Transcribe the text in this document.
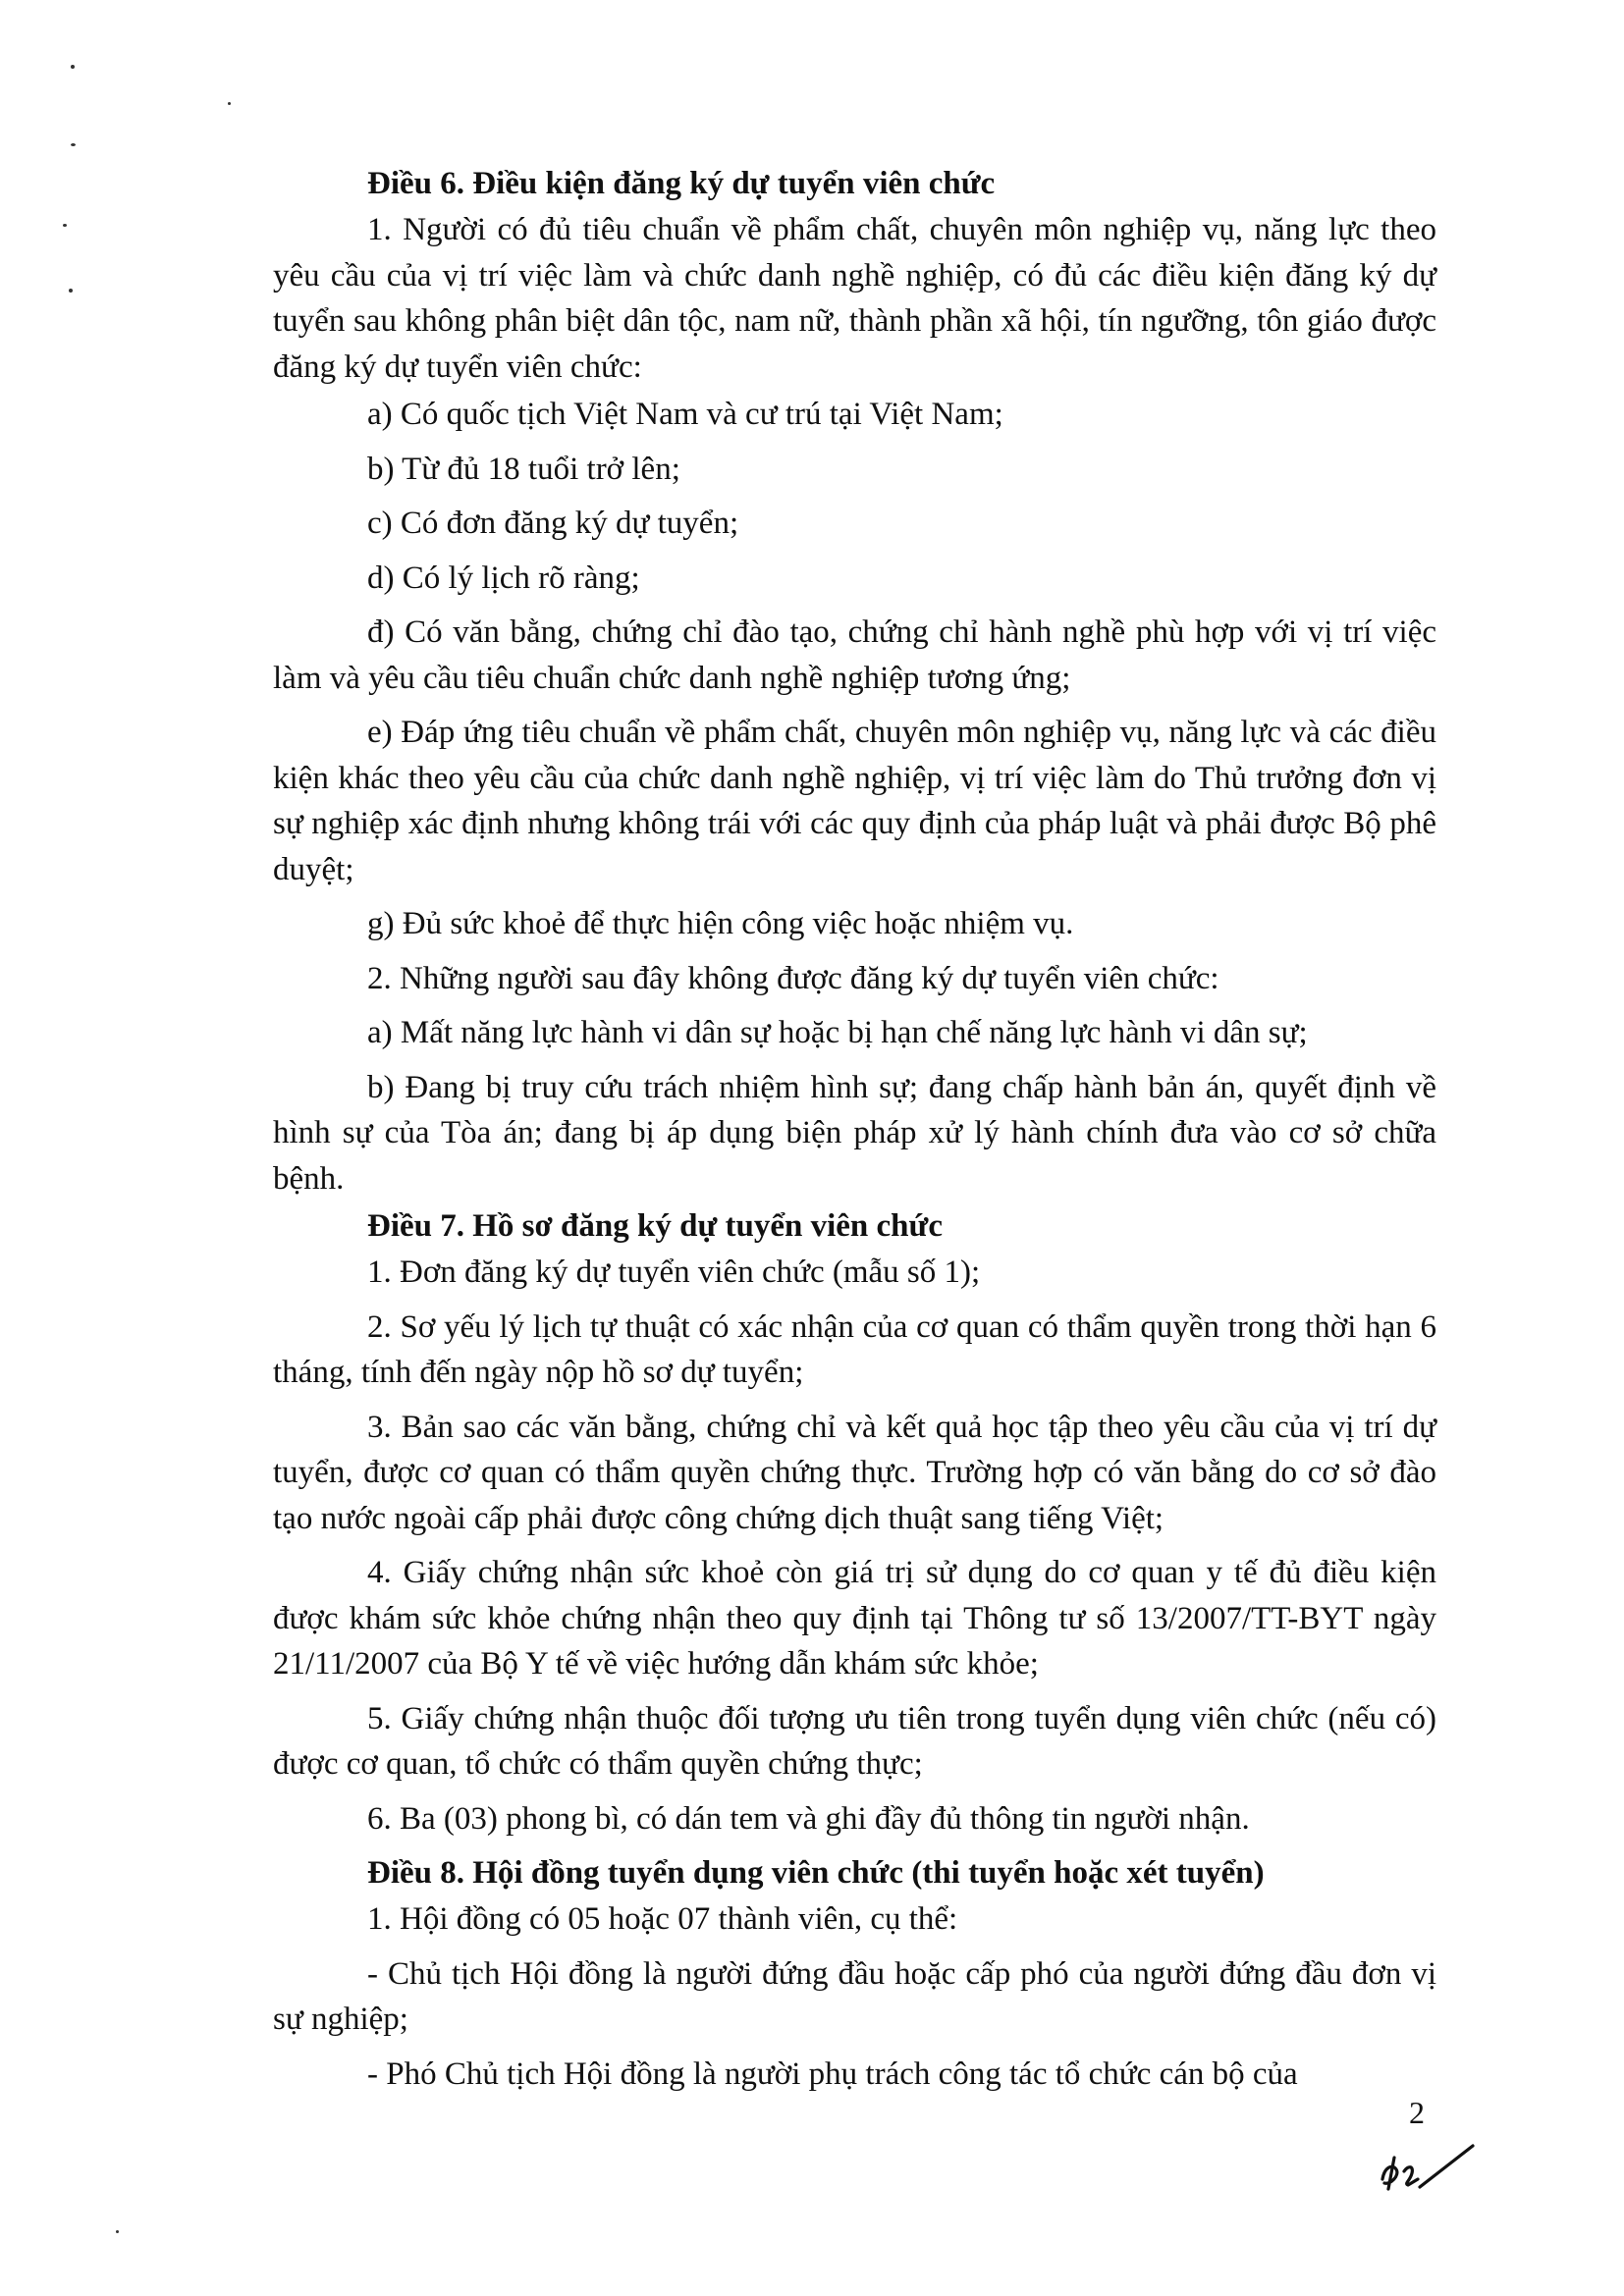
Điều 6. Điều kiện đăng ký dự tuyển viên chức

1. Người có đủ tiêu chuẩn về phẩm chất, chuyên môn nghiệp vụ, năng lực theo yêu cầu của vị trí việc làm và chức danh nghề nghiệp, có đủ các điều kiện đăng ký dự tuyển sau không phân biệt dân tộc, nam nữ, thành phần xã hội, tín ngưỡng, tôn giáo được đăng ký dự tuyển viên chức:

a) Có quốc tịch Việt Nam và cư trú tại Việt Nam;

b) Từ đủ 18 tuổi trở lên;

c) Có đơn đăng ký dự tuyển;

d) Có lý lịch rõ ràng;

đ) Có văn bằng, chứng chỉ đào tạo, chứng chỉ hành nghề phù hợp với vị trí việc làm và yêu cầu tiêu chuẩn chức danh nghề nghiệp tương ứng;

e) Đáp ứng tiêu chuẩn về phẩm chất, chuyên môn nghiệp vụ, năng lực và các điều kiện khác theo yêu cầu của chức danh nghề nghiệp, vị trí việc làm do Thủ trưởng đơn vị sự nghiệp xác định nhưng không trái với các quy định của pháp luật và phải được Bộ phê duyệt;

g) Đủ sức khoẻ để thực hiện công việc hoặc nhiệm vụ.

2. Những người sau đây không được đăng ký dự tuyển viên chức:

a) Mất năng lực hành vi dân sự hoặc bị hạn chế năng lực hành vi dân sự;

b) Đang bị truy cứu trách nhiệm hình sự; đang chấp hành bản án, quyết định về hình sự của Tòa án; đang bị áp dụng biện pháp xử lý hành chính đưa vào cơ sở chữa bệnh.

Điều 7. Hồ sơ đăng ký dự tuyển viên chức

1. Đơn đăng ký dự tuyển viên chức (mẫu số 1);

2. Sơ yếu lý lịch tự thuật có xác nhận của cơ quan có thẩm quyền trong thời hạn 6 tháng, tính đến ngày nộp hồ sơ dự tuyển;

3. Bản sao các văn bằng, chứng chỉ và kết quả học tập theo yêu cầu của vị trí dự tuyển, được cơ quan có thẩm quyền chứng thực. Trường hợp có văn bằng do cơ sở đào tạo nước ngoài cấp phải được công chứng dịch thuật sang tiếng Việt;

4. Giấy chứng nhận sức khoẻ còn giá trị sử dụng do cơ quan y tế đủ điều kiện được khám sức khỏe chứng nhận theo quy định tại Thông tư số 13/2007/TT-BYT ngày 21/11/2007 của Bộ Y tế về việc hướng dẫn khám sức khỏe;

5. Giấy chứng nhận thuộc đối tượng ưu tiên trong tuyển dụng viên chức (nếu có) được cơ quan, tổ chức có thẩm quyền chứng thực;

6. Ba (03) phong bì, có dán tem và ghi đầy đủ thông tin người nhận.

Điều 8. Hội đồng tuyển dụng viên chức (thi tuyển hoặc xét tuyển)

1. Hội đồng có 05 hoặc 07 thành viên, cụ thể:

- Chủ tịch Hội đồng là người đứng đầu hoặc cấp phó của người đứng đầu đơn vị sự nghiệp;

- Phó Chủ tịch Hội đồng là người phụ trách công tác tổ chức cán bộ của

2
